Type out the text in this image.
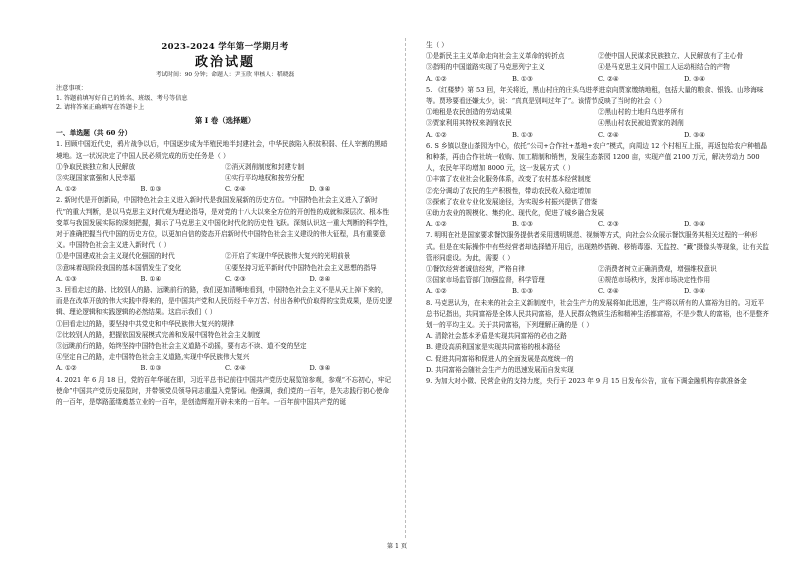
2023-2024 学年第一学期月考
政治试题
考试时间：90 分钟；命题人：尹玉欣 审核人：稻晓磊
注意事项：
1. 答题前填写好自己的姓名、班级、考号等信息
2. 请将答案正确填写在答题卡上
第 I 卷（选择题）
一、单选题（共 60 分）

1. 回顾中国近代史，鸦片战争以后，中国逐步成为半殖民地半封建社会，中华民族陷入积贫积弱、任人宰割的黑暗境地。这一状况决定了中国人民必须完成的历史任务是（ ）

①争取民族独立和人民解放	②消灭剥削制度和封建专制
③实现国家富强和人民幸福	④实行平均地权和按劳分配
A. ①②	B. ①③	C. ②④	D. ③④

2. 新时代是开创新局，中国特色社会主义进入新时代是我国发展新的历史方位。“中国特色社会主义进入了新时代”的重大判断，是以马克思主义时代观为理论指导，是对党的十八大以来全方位的开创性的成就和深层次、根本性变革与我国发展实际的深刻把握，揭示了马克思主义中国化时代化的历史性飞跃。深刻认识这一重大判断的科学性，对于准确把握当代中国的历史方位，以更加自信的姿态开启新时代中国特色社会主义建设的伟大征程，具有重要意义。中国特色社会主义进入新时代（ ）

①是中国建成社会主义现代化强国的时代	②开启了实现中华民族伟大复兴的光明前景
③意味着现阶段我国的基本国情发生了变化	④要坚持习近平新时代中国特色社会主义思想的指导
A. ①③	B. ①④	C. ②③	D. ②④

3. 回看走过的路、比较别人的路、远眺前行的路，我们更加清晰地看到，中国特色社会主义不是从天上掉下来的，而是在改革开放的伟大实践中得来的，是中国共产党和人民历经千辛万苦、付出各种代价取得的宝贵成果，是历史逻辑、理论逻辑和实践逻辑的必然结果。这启示我们（ ）

①回看走过的路，要坚持中共党史和中华民族伟大复兴的规律
②比较别人的路，把握依国发展模式完善和发展中国特色社会主义制度
③远眺前行的路，始终坚持中国特色社会主义道路不动摇，要有志不读、道不变的坚定
④坚定自己的路，走中国特色社会主义道路,实现中华民族伟大复兴
A. ①②	B. ①③	C. ②④	D. ③④

4. 2021 年 6 月 18 日，党的百年华诞在即，习近平总书记前往中国共产党历史展览馆参观，参观“不忘初心，牢记使命”中国共产党历史展览时，并带领党员领导同志重温入党誓词。他强调，我们党的一百年，是矢志践行初心使命的一百年，是筚路蓝缕奠基立业的一百年，是创造辉煌开辟未来的一百年。一百年前中国共产党的诞

生（ ）
①是新民主主义革命走向社会主义革命的转折点	②使中国人民谋求民族独立、人民解放有了主心骨
③指明的中国道路实现了马克思列宁主义	④是马克思主义同中国工人运动相结合的产物
A. ①②	B. ①③	C. ②④	D. ③④

5. 《红楼梦》第 53 回，年关将近，黑山村庄的庄头乌进孝进京向贾家缴纳地租，包括大量的粮食、银钱、山珍海味等。贾珍要看还嫌太少，说：“真真是别叫过年了”。该情节反映了当时的社会（ ）

①地租是农民创造的劳动成果	②黑山村的土地归乌进孝所有
③贾家利用其特权来剥削农民	④黑山村农民被迫贾家的剥削
A. ①②	B. ①③	C. ②④	D. ③④

6. S 乡镇以登山茶园为中心，依托“公司+合作社+基地+农户”模式，向周边 12 个村相互上报，再返包给农户种植晶和种茶，再由合作社统一收购、加工精制和销售，发展生态茶园 1200 亩，实现产值 2100 万元，解决劳动力 500 人，农民年平均增加 8000 元，这一发展方式（ ）

①丰富了农业社会化服务体系，改变了农村基本经营制度
②充分调动了农民的生产积极性，带动农民收入稳定增加
③探索了农业专业化发展途径，为实现乡村振兴提供了借鉴
④助力农业的规模化、集约化、现代化，促进了城乡融合发展
A. ①②	B. ①③	C. ②③	D. ③④

7. 明明在社是国家要求餐饮服务提供者采用透明规范、视频等方式，向社会公众展示餐饮服务其相关过程的一种形式。但是在实际操作中有些经营者却选择错开用后，出现熟炒搭碗、移销毒器、无监控、“藏”摄像头等现象，让有关监管形同虚设。为此，需要（ ）

①餐饮经营者诚信经营，严格自律	②消费者树立正确消费观，增强维权意识
③国家市场监管部门加强监督，科学管理	④规范市场秩序，发挥市场决定性作用
A. ①②	B. ①③	C. ②④	D. ③④

8. 马克思认为，在未来的社会主义新制度中，社会生产力的发展将如此迅速，生产将以所有的人富裕为目的。习近平总书记指出，共同富裕是全体人民共同富裕，是人民群众物质生活和精神生活都富裕，不是少数人的富裕，也不是整齐划一的平均主义。关于共同富裕，下列理解正确的是（ ）

A. 清除社会基本矛盾是实现共同富裕的必由之路
B. 建设高质利国家是实现共同富裕的根本路径
C. 促进共同富裕和促进人的全面发展是高度统一的
D. 共同富裕会随社会生产力的迅速发展而自发实现

9. 为加大对小微、民营企业的支持力度，央行于 2023 年 9 月 15 日发布公告，宣布下调金融机构存款准备金

第 1 页
